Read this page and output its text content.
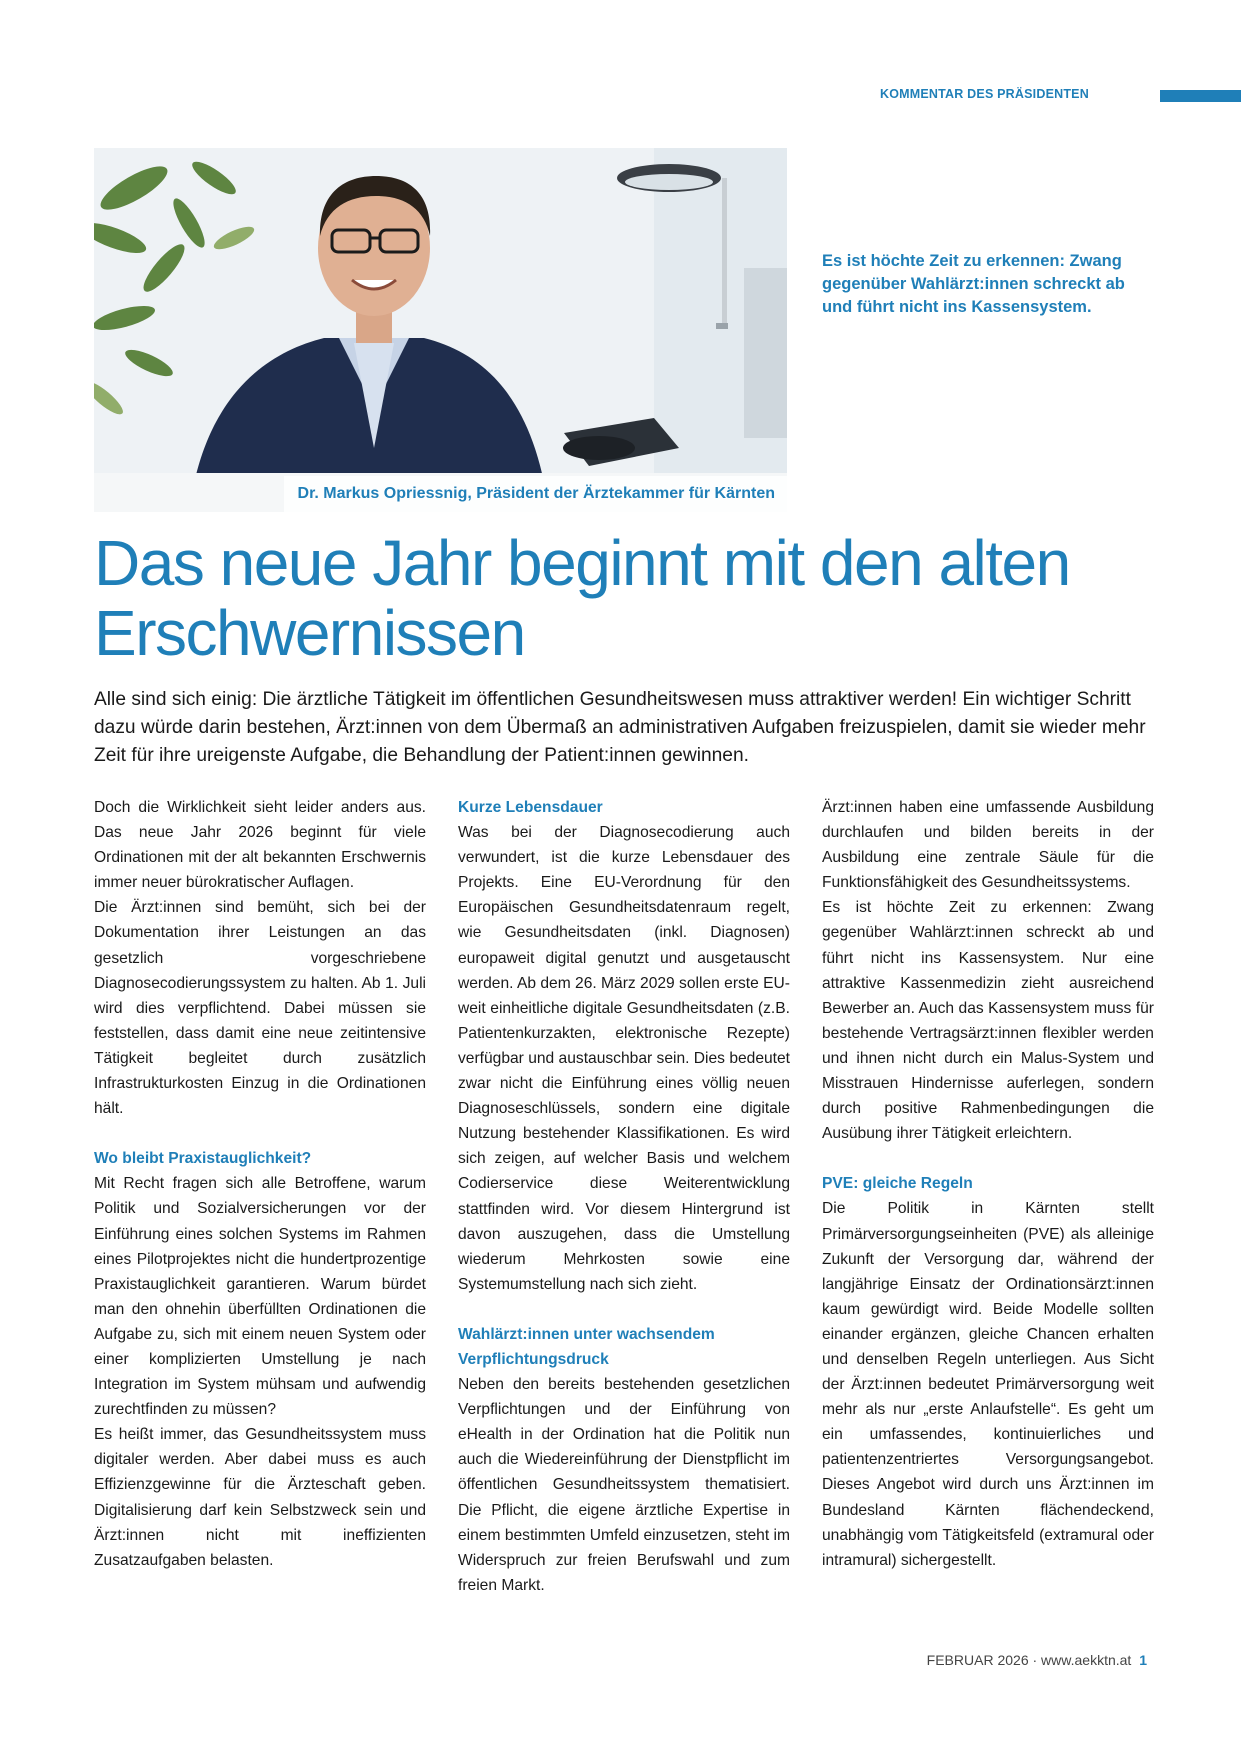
KOMMENTAR DES PRÄSIDENTEN
Dr. Markus Opriessnig, Präsident der Ärztekammer für Kärnten
Es ist höchte Zeit zu erkennen: Zwang gegenüber Wahlärzt:innen schreckt ab und führt nicht ins Kassensystem.
Das neue Jahr beginnt mit den alten Erschwernissen

Alle sind sich einig: Die ärztliche Tätigkeit im öffentlichen Gesundheitswesen muss attraktiver werden! Ein wichtiger Schritt dazu würde darin bestehen, Ärzt:innen von dem Übermaß an administrativen Aufgaben freizuspielen, damit sie wieder mehr Zeit für ihre ureigenste Aufgabe, die Behandlung der Patient:innen gewinnen.

Doch die Wirklichkeit sieht leider anders aus. Das neue Jahr 2026 beginnt für viele Ordinationen mit der alt bekannten Erschwernis immer neuer bürokratischer Auflagen.

Die Ärzt:innen sind bemüht, sich bei der Dokumentation ihrer Leistungen an das gesetzlich vorgeschriebene Diagnosecodierungssystem zu halten. Ab 1. Juli wird dies verpflichtend. Dabei müssen sie feststellen, dass damit eine neue zeitintensive Tätigkeit begleitet durch zusätzlich Infrastrukturkosten Einzug in die Ordinationen hält.

Wo bleibt Praxistauglichkeit?

Mit Recht fragen sich alle Betroffene, warum Politik und Sozialversicherungen vor der Einführung eines solchen Systems im Rahmen eines Pilotprojektes nicht die hundertprozentige Praxistauglichkeit garantieren. Warum bürdet man den ohnehin überfüllten Ordinationen die Aufgabe zu, sich mit einem neuen System oder einer komplizierten Umstellung je nach Integration im System mühsam und aufwendig zurechtfinden zu müssen?

Es heißt immer, das Gesundheitssystem muss digitaler werden. Aber dabei muss es auch Effizienzgewinne für die Ärzteschaft geben. Digitalisierung darf kein Selbstzweck sein und Ärzt:innen nicht mit ineffizienten Zusatzaufgaben belasten.

Kurze Lebensdauer

Was bei der Diagnosecodierung auch verwundert, ist die kurze Lebensdauer des Projekts. Eine EU-Verordnung für den Europäischen Gesundheitsdatenraum regelt, wie Gesundheitsdaten (inkl. Diagnosen) europaweit digital genutzt und ausgetauscht werden. Ab dem 26. März 2029 sollen erste EU-weit einheitliche digitale Gesundheitsdaten (z.B. Patientenkurzakten, elektronische Rezepte) verfügbar und austauschbar sein. Dies bedeutet zwar nicht die Einführung eines völlig neuen Diagnoseschlüssels, sondern eine digitale Nutzung bestehender Klassifikationen. Es wird sich zeigen, auf welcher Basis und welchem Codierservice diese Weiterentwicklung stattfinden wird. Vor diesem Hintergrund ist davon auszugehen, dass die Umstellung wiederum Mehrkosten sowie eine Systemumstellung nach sich zieht.

Wahlärzt:innen unter wachsendem Verpflichtungsdruck

Neben den bereits bestehenden gesetzlichen Verpflichtungen und der Einführung von eHealth in der Ordination hat die Politik nun auch die Wiedereinführung der Dienstpflicht im öffentlichen Gesundheitssystem thematisiert. Die Pflicht, die eigene ärztliche Expertise in einem bestimmten Umfeld einzusetzen, steht im Widerspruch zur freien Berufswahl und zum freien Markt.

Ärzt:innen haben eine umfassende Ausbildung durchlaufen und bilden bereits in der Ausbildung eine zentrale Säule für die Funktionsfähigkeit des Gesundheitssystems.

Es ist höchte Zeit zu erkennen: Zwang gegenüber Wahlärzt:innen schreckt ab und führt nicht ins Kassensystem. Nur eine attraktive Kassenmedizin zieht ausreichend Bewerber an. Auch das Kassensystem muss für bestehende Vertragsärzt:innen flexibler werden und ihnen nicht durch ein Malus-System und Misstrauen Hindernisse auferlegen, sondern durch positive Rahmenbedingungen die Ausübung ihrer Tätigkeit erleichtern.

PVE: gleiche Regeln

Die Politik in Kärnten stellt Primärversorgungseinheiten (PVE) als alleinige Zukunft der Versorgung dar, während der langjährige Einsatz der Ordinationsärzt:innen kaum gewürdigt wird. Beide Modelle sollten einander ergänzen, gleiche Chancen erhalten und denselben Regeln unterliegen. Aus Sicht der Ärzt:innen bedeutet Primärversorgung weit mehr als nur „erste Anlaufstelle“. Es geht um ein umfassendes, kontinuierliches und patientenzentriertes Versorgungsangebot. Dieses Angebot wird durch uns Ärzt:innen im Bundesland Kärnten flächendeckend, unabhängig vom Tätigkeitsfeld (extramural oder intramural) sichergestellt.

FEBRUAR 2026 · www.aekktn.at 1
